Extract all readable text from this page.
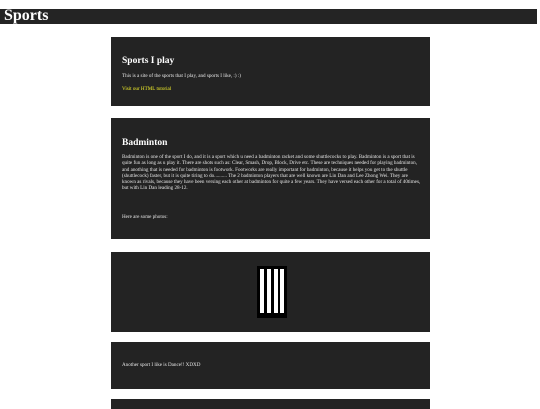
Sports
Sports I play

This is a site of the sports that I play, and sports I like, :) :)

Visit our HTML tutorial

Badminton

Badminton is one of the sport I do, and it is a sport which u need a badminton racket and some shuttlecocks to play. Badminton is a sport that is quite fun as long as u play it. There are shots such as: Clear, Smash, Drop, Block, Drive etc. These are techniques needed for playing badminton, and anothing that is needed for badminton is footwork. Footworks are really important for badminton, because it helps you get to the shuttle (shuttlecock) faster, but it is quite tiring to do.......... The 2 badminton players that are well known are Lin Dan and Lee Zhong Wei. They are known as rivals, because they have been versing each other at badminton for quite a few years. They have versed each other for a total of 40times, but with Lin Dan leading 28-12.

Here are some photos:

Another sport I like is Dance!! XDXD
